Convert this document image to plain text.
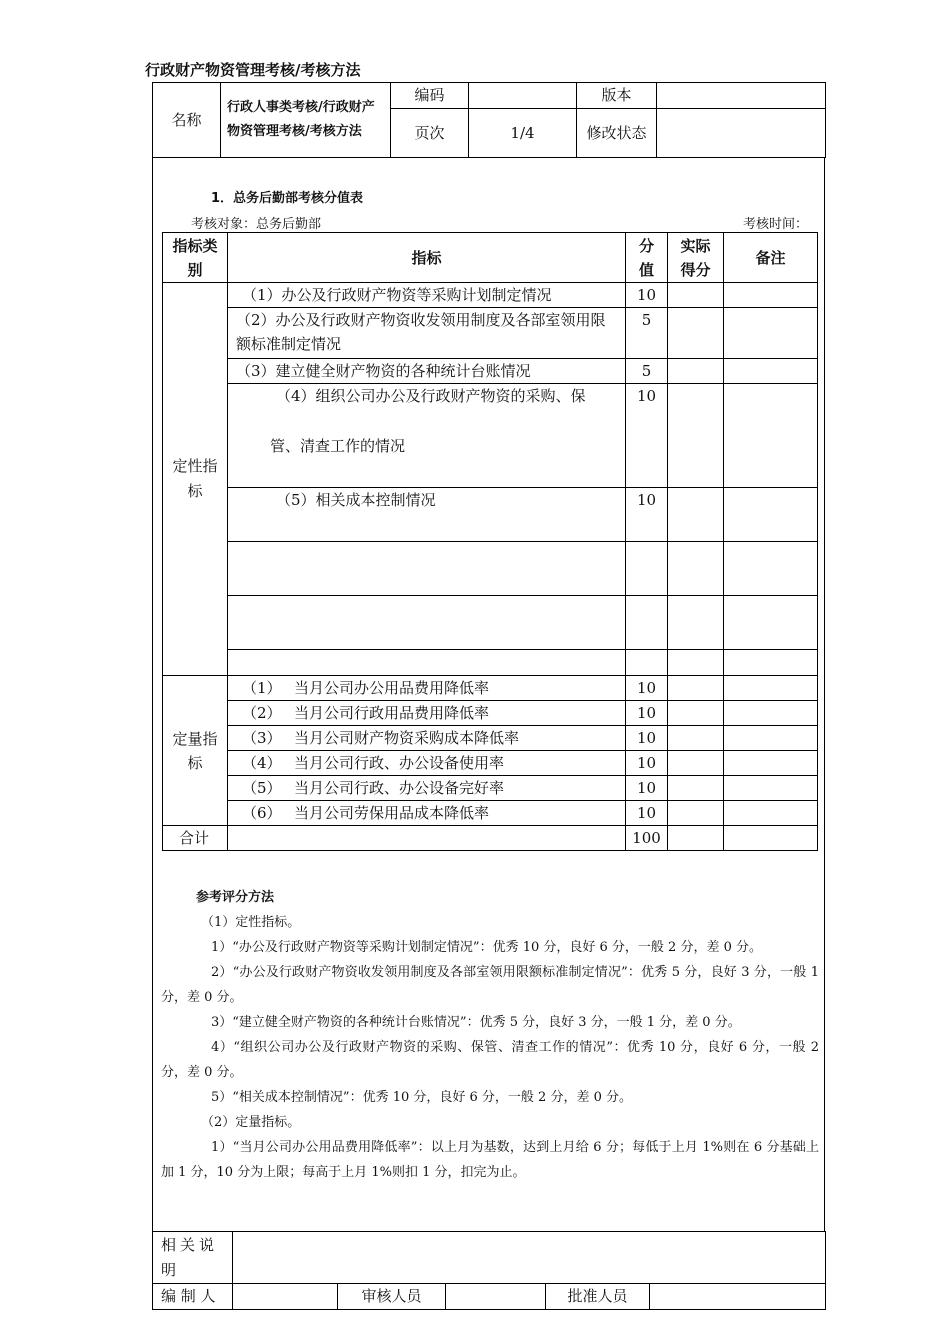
行政财产物资管理考核/考核方法
名称	行政人事类考核/行政财产物资管理考核/考核方法	编码		版本	
		页次	1/4	修改状态	
1．总务后勤部考核分值表
考核对象：总务后勤部	考核时间：
指标类别	指标	分值	实际得分	备注
定性指标	（1）办公及行政财产物资等采购计划制定情况	10		
	（2）办公及行政财产物资收发领用制度及各部室领用限额标准制定情况	5		
	（3）建立健全财产物资的各种统计台账情况	5		

	（4）组织公司办公及行政财产物资的采购、保
管、清查工作的情况	10		
	（5）相关成本控制情况	10		

定量指标	（1） 当月公司办公用品费用降低率	10		
	（2） 当月公司行政用品费用降低率	10		
	（3） 当月公司财产物资采购成本降低率	10		
	（4） 当月公司行政、办公设备使用率	10		
	（5） 当月公司行政、办公设备完好率	10		
	（6） 当月公司劳保用品成本降低率	10		
合计		100		

参考评分方法

（1）定性指标。

1）“办公及行政财产物资等采购计划制定情况”：优秀 10 分，良好 6 分，一般 2 分，差 0 分。

2）“办公及行政财产物资收发领用制度及各部室领用限额标准制定情况”：优秀 5 分，良好 3 分，一般 1 分，差 0 分。

3）“建立健全财产物资的各种统计台账情况”：优秀 5 分，良好 3 分，一般 1 分，差 0 分。

4）“组织公司办公及行政财产物资的采购、保管、清查工作的情况”：优秀 10 分，良好 6 分，一般 2 分，差 0 分。

5）“相关成本控制情况”：优秀 10 分，良好 6 分，一般 2 分，差 0 分。

（2）定量指标。

1）“当月公司办公用品费用降低率”：以上月为基数，达到上月给 6 分；每低于上月 1%则在 6 分基础上加 1 分，10 分为上限；每高于上月 1%则扣 1 分，扣完为止。

相关说明					
编 制 人		审核人员		批准人员	
